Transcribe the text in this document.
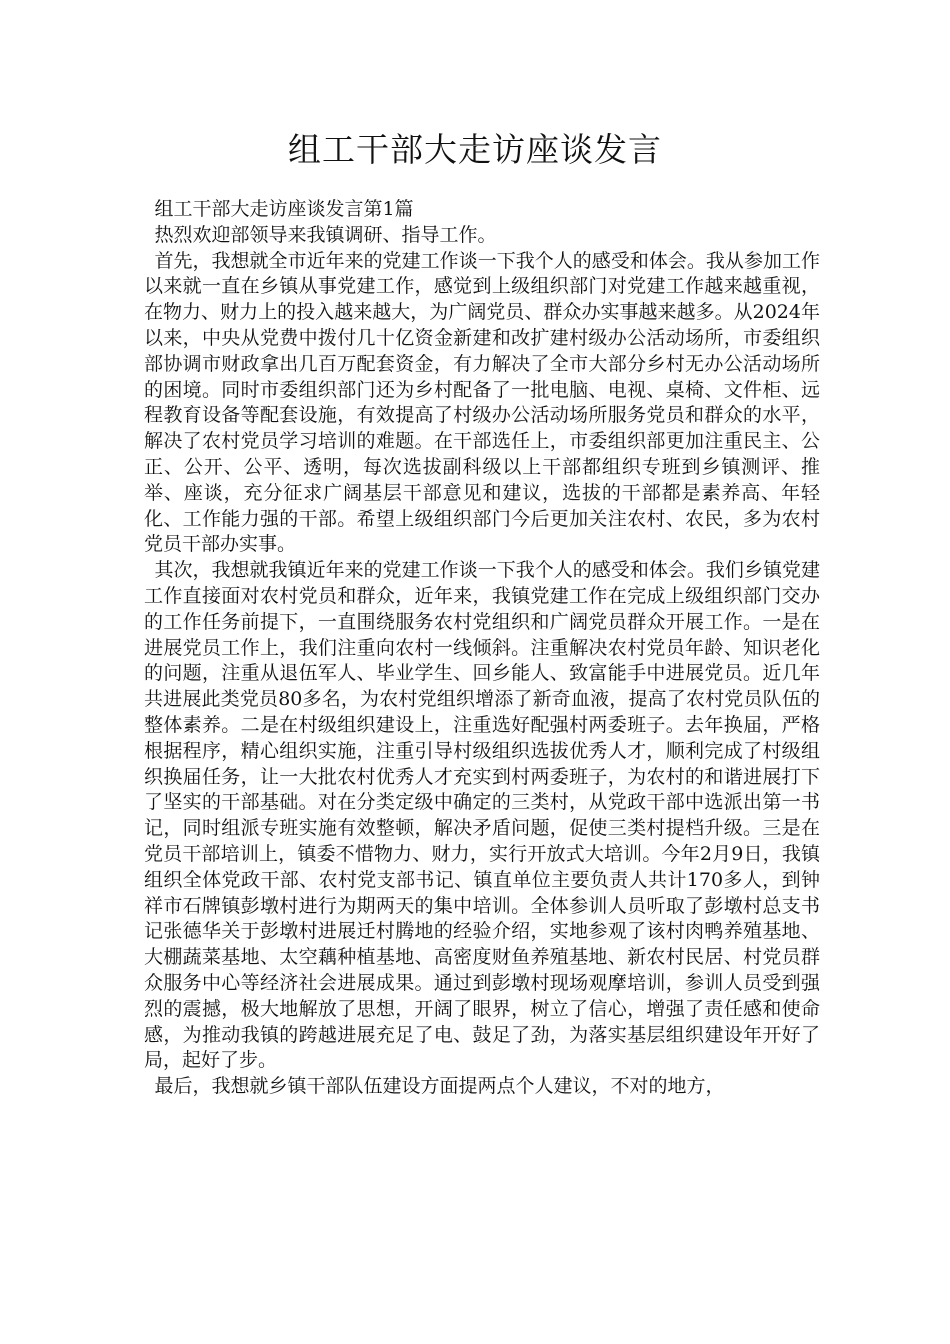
组工干部大走访座谈发言

组工干部大走访座谈发言第1篇

热烈欢迎部领导来我镇调研、指导工作。

首先，我想就全市近年来的党建工作谈一下我个人的感受和体会。我从参加工作以来就一直在乡镇从事党建工作，感觉到上级组织部门对党建工作越来越重视，在物力、财力上的投入越来越大，为广阔党员、群众办实事越来越多。从2024年以来，中央从党费中拨付几十亿资金新建和改扩建村级办公活动场所，市委组织部协调市财政拿出几百万配套资金，有力解决了全市大部分乡村无办公活动场所的困境。同时市委组织部门还为乡村配备了一批电脑、电视、桌椅、文件柜、远程教育设备等配套设施，有效提高了村级办公活动场所服务党员和群众的水平，解决了农村党员学习培训的难题。在干部选任上，市委组织部更加注重民主、公正、公开、公平、透明，每次选拔副科级以上干部都组织专班到乡镇测评、推举、座谈，充分征求广阔基层干部意见和建议，选拔的干部都是素养高、年轻化、工作能力强的干部。希望上级组织部门今后更加关注农村、农民，多为农村党员干部办实事。

其次，我想就我镇近年来的党建工作谈一下我个人的感受和体会。我们乡镇党建工作直接面对农村党员和群众，近年来，我镇党建工作在完成上级组织部门交办的工作任务前提下，一直围绕服务农村党组织和广阔党员群众开展工作。一是在进展党员工作上，我们注重向农村一线倾斜。注重解决农村党员年龄、知识老化的问题，注重从退伍军人、毕业学生、回乡能人、致富能手中进展党员。近几年共进展此类党员80多名，为农村党组织增添了新奇血液，提高了农村党员队伍的整体素养。二是在村级组织建设上，注重选好配强村两委班子。去年换届，严格根据程序，精心组织实施，注重引导村级组织选拔优秀人才，顺利完成了村级组织换届任务，让一大批农村优秀人才充实到村两委班子，为农村的和谐进展打下了坚实的干部基础。对在分类定级中确定的三类村，从党政干部中选派出第一书记，同时组派专班实施有效整顿，解决矛盾问题，促使三类村提档升级。三是在党员干部培训上，镇委不惜物力、财力，实行开放式大培训。今年2月9日，我镇组织全体党政干部、农村党支部书记、镇直单位主要负责人共计170多人，到钟祥市石牌镇彭墩村进行为期两天的集中培训。全体参训人员听取了彭墩村总支书记张德华关于彭墩村进展迁村腾地的经验介绍，实地参观了该村肉鸭养殖基地、大棚蔬菜基地、太空藕种植基地、高密度财鱼养殖基地、新农村民居、村党员群众服务中心等经济社会进展成果。通过到彭墩村现场观摩培训，参训人员受到强烈的震撼，极大地解放了思想，开阔了眼界，树立了信心，增强了责任感和使命感，为推动我镇的跨越进展充足了电、鼓足了劲，为落实基层组织建设年开好了局，起好了步。

最后，我想就乡镇干部队伍建设方面提两点个人建议，不对的地方，
